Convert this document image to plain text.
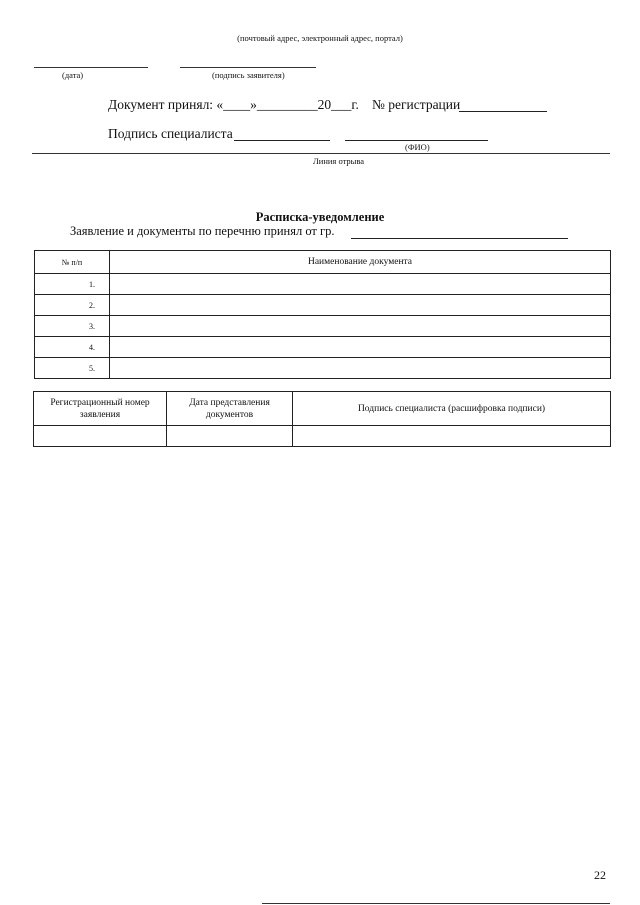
(почтовый адрес, электронный адрес, портал)
(дата)	(подпись заявителя)
Документ принял: «____»_________20___г. № регистрации
Подпись специалиста
(ФИО)
Линия отрыва
Расписка-уведомление
Заявление и документы по перечню принял от гр.
№ п/п	Наименование документа
1.	
2.	
3.	
4.	
5.	
Регистрационный номер заявления	Дата представления документов	Подпись специалиста (расшифровка подписи)

22
